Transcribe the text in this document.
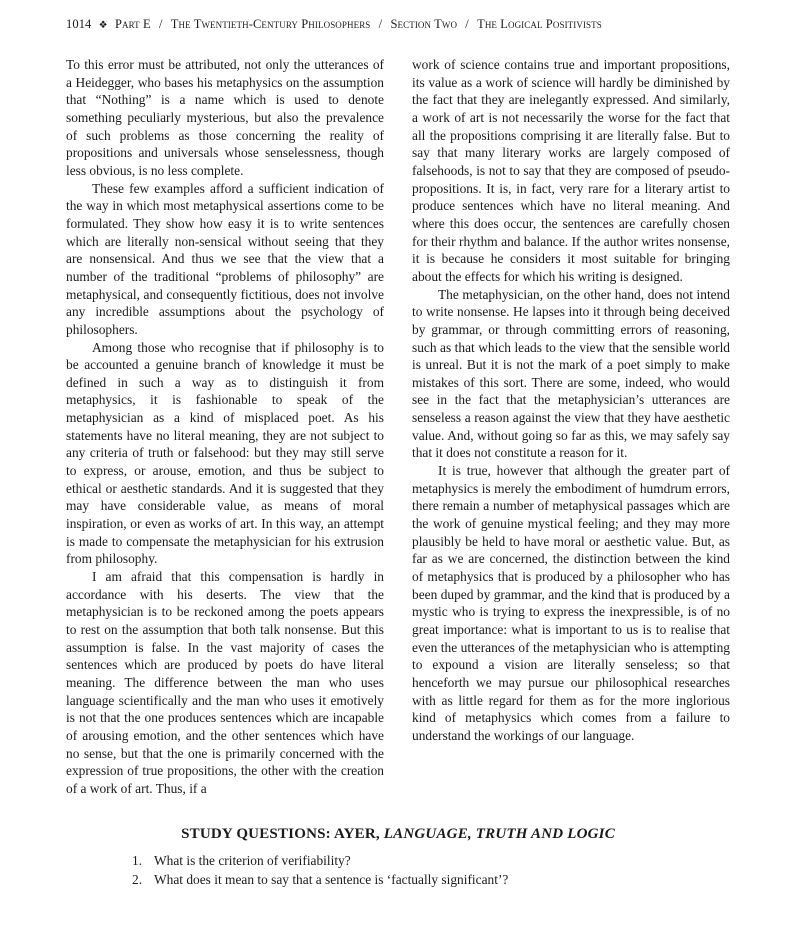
1014 ❖ Part E / The Twentieth-Century Philosophers / Section Two / The Logical Positivists

To this error must be attributed, not only the utterances of a Heidegger, who bases his metaphysics on the assumption that “Nothing” is a name which is used to denote something peculiarly mysterious, but also the prevalence of such problems as those concerning the reality of propositions and universals whose senselessness, though less obvious, is no less complete.

These few examples afford a sufficient indication of the way in which most metaphysical assertions come to be formulated. They show how easy it is to write sentences which are literally non-sensical without seeing that they are nonsensical. And thus we see that the view that a number of the traditional “problems of philosophy” are metaphysical, and consequently fictitious, does not involve any incredible assumptions about the psychology of philosophers.

Among those who recognise that if philosophy is to be accounted a genuine branch of knowledge it must be defined in such a way as to distinguish it from metaphysics, it is fashionable to speak of the metaphysician as a kind of misplaced poet. As his statements have no literal meaning, they are not subject to any criteria of truth or falsehood: but they may still serve to express, or arouse, emotion, and thus be subject to ethical or aesthetic standards. And it is suggested that they may have considerable value, as means of moral inspiration, or even as works of art. In this way, an attempt is made to compensate the metaphysician for his extrusion from philosophy.

I am afraid that this compensation is hardly in accordance with his deserts. The view that the metaphysician is to be reckoned among the poets appears to rest on the assumption that both talk nonsense. But this assumption is false. In the vast majority of cases the sentences which are produced by poets do have literal meaning. The difference between the man who uses language scientifically and the man who uses it emotively is not that the one produces sentences which are incapable of arousing emotion, and the other sentences which have no sense, but that the one is primarily concerned with the expression of true propositions, the other with the creation of a work of art. Thus, if a

work of science contains true and important propositions, its value as a work of science will hardly be diminished by the fact that they are inelegantly expressed. And similarly, a work of art is not necessarily the worse for the fact that all the propositions comprising it are literally false. But to say that many literary works are largely composed of falsehoods, is not to say that they are composed of pseudo-propositions. It is, in fact, very rare for a literary artist to produce sentences which have no literal meaning. And where this does occur, the sentences are carefully chosen for their rhythm and balance. If the author writes nonsense, it is because he considers it most suitable for bringing about the effects for which his writing is designed.

The metaphysician, on the other hand, does not intend to write nonsense. He lapses into it through being deceived by grammar, or through committing errors of reasoning, such as that which leads to the view that the sensible world is unreal. But it is not the mark of a poet simply to make mistakes of this sort. There are some, indeed, who would see in the fact that the metaphysician’s utterances are senseless a reason against the view that they have aesthetic value. And, without going so far as this, we may safely say that it does not constitute a reason for it.

It is true, however that although the greater part of metaphysics is merely the embodiment of humdrum errors, there remain a number of metaphysical passages which are the work of genuine mystical feeling; and they may more plausibly be held to have moral or aesthetic value. But, as far as we are concerned, the distinction between the kind of metaphysics that is produced by a philosopher who has been duped by grammar, and the kind that is produced by a mystic who is trying to express the inexpressible, is of no great importance: what is important to us is to realise that even the utterances of the metaphysician who is attempting to expound a vision are literally senseless; so that henceforth we may pursue our philosophical researches with as little regard for them as for the more inglorious kind of metaphysics which comes from a failure to understand the workings of our language.

STUDY QUESTIONS: AYER, LANGUAGE, TRUTH AND LOGIC
1. What is the criterion of verifiability?
2. What does it mean to say that a sentence is ‘factually significant’?
